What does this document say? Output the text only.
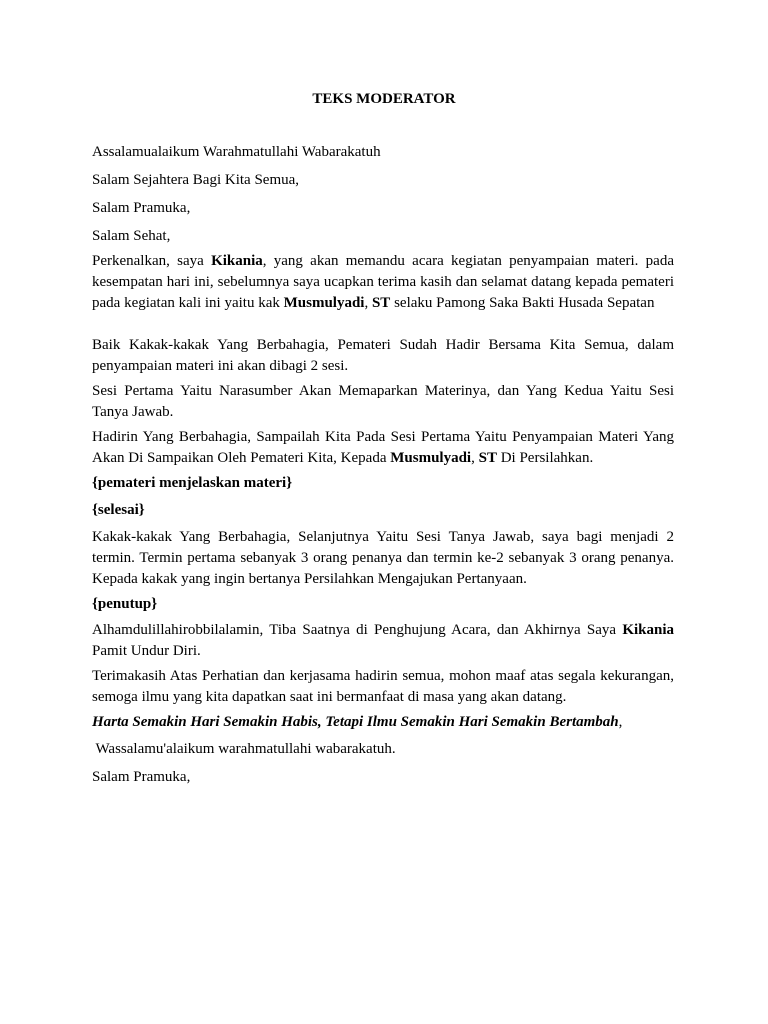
TEKS MODERATOR
Assalamualaikum Warahmatullahi Wabarakatuh
Salam Sejahtera Bagi Kita Semua,
Salam Pramuka,
Salam Sehat,
Perkenalkan, saya Kikania, yang akan memandu acara kegiatan penyampaian materi. pada kesempatan hari ini, sebelumnya saya ucapkan terima kasih dan selamat datang kepada pemateri pada kegiatan kali ini yaitu kak Musmulyadi, ST selaku Pamong Saka Bakti Husada Sepatan
Baik Kakak-kakak Yang Berbahagia, Pemateri Sudah Hadir Bersama Kita Semua, dalam penyampaian materi ini akan dibagi 2 sesi.
Sesi Pertama Yaitu Narasumber Akan Memaparkan Materinya, dan Yang Kedua Yaitu Sesi Tanya Jawab.
Hadirin Yang Berbahagia, Sampailah Kita Pada Sesi Pertama Yaitu Penyampaian Materi Yang Akan Di Sampaikan Oleh Pemateri Kita, Kepada Musmulyadi, ST Di Persilahkan.
{pemateri menjelaskan materi}
{selesai}
Kakak-kakak Yang Berbahagia, Selanjutnya Yaitu Sesi Tanya Jawab, saya bagi menjadi 2 termin. Termin pertama sebanyak 3 orang penanya dan termin ke-2 sebanyak 3 orang penanya. Kepada kakak yang ingin bertanya Persilahkan Mengajukan Pertanyaan.
{penutup}
Alhamdulillahirobbilalamin, Tiba Saatnya di Penghujung Acara, dan Akhirnya Saya Kikania Pamit Undur Diri.
Terimakasih Atas Perhatian dan kerjasama hadirin semua, mohon maaf atas segala kekurangan, semoga ilmu yang kita dapatkan saat ini bermanfaat di masa yang akan datang.
Harta Semakin Hari Semakin Habis, Tetapi Ilmu Semakin Hari Semakin Bertambah,
Wassalamu'alaikum warahmatullahi wabarakatuh.
Salam Pramuka,
